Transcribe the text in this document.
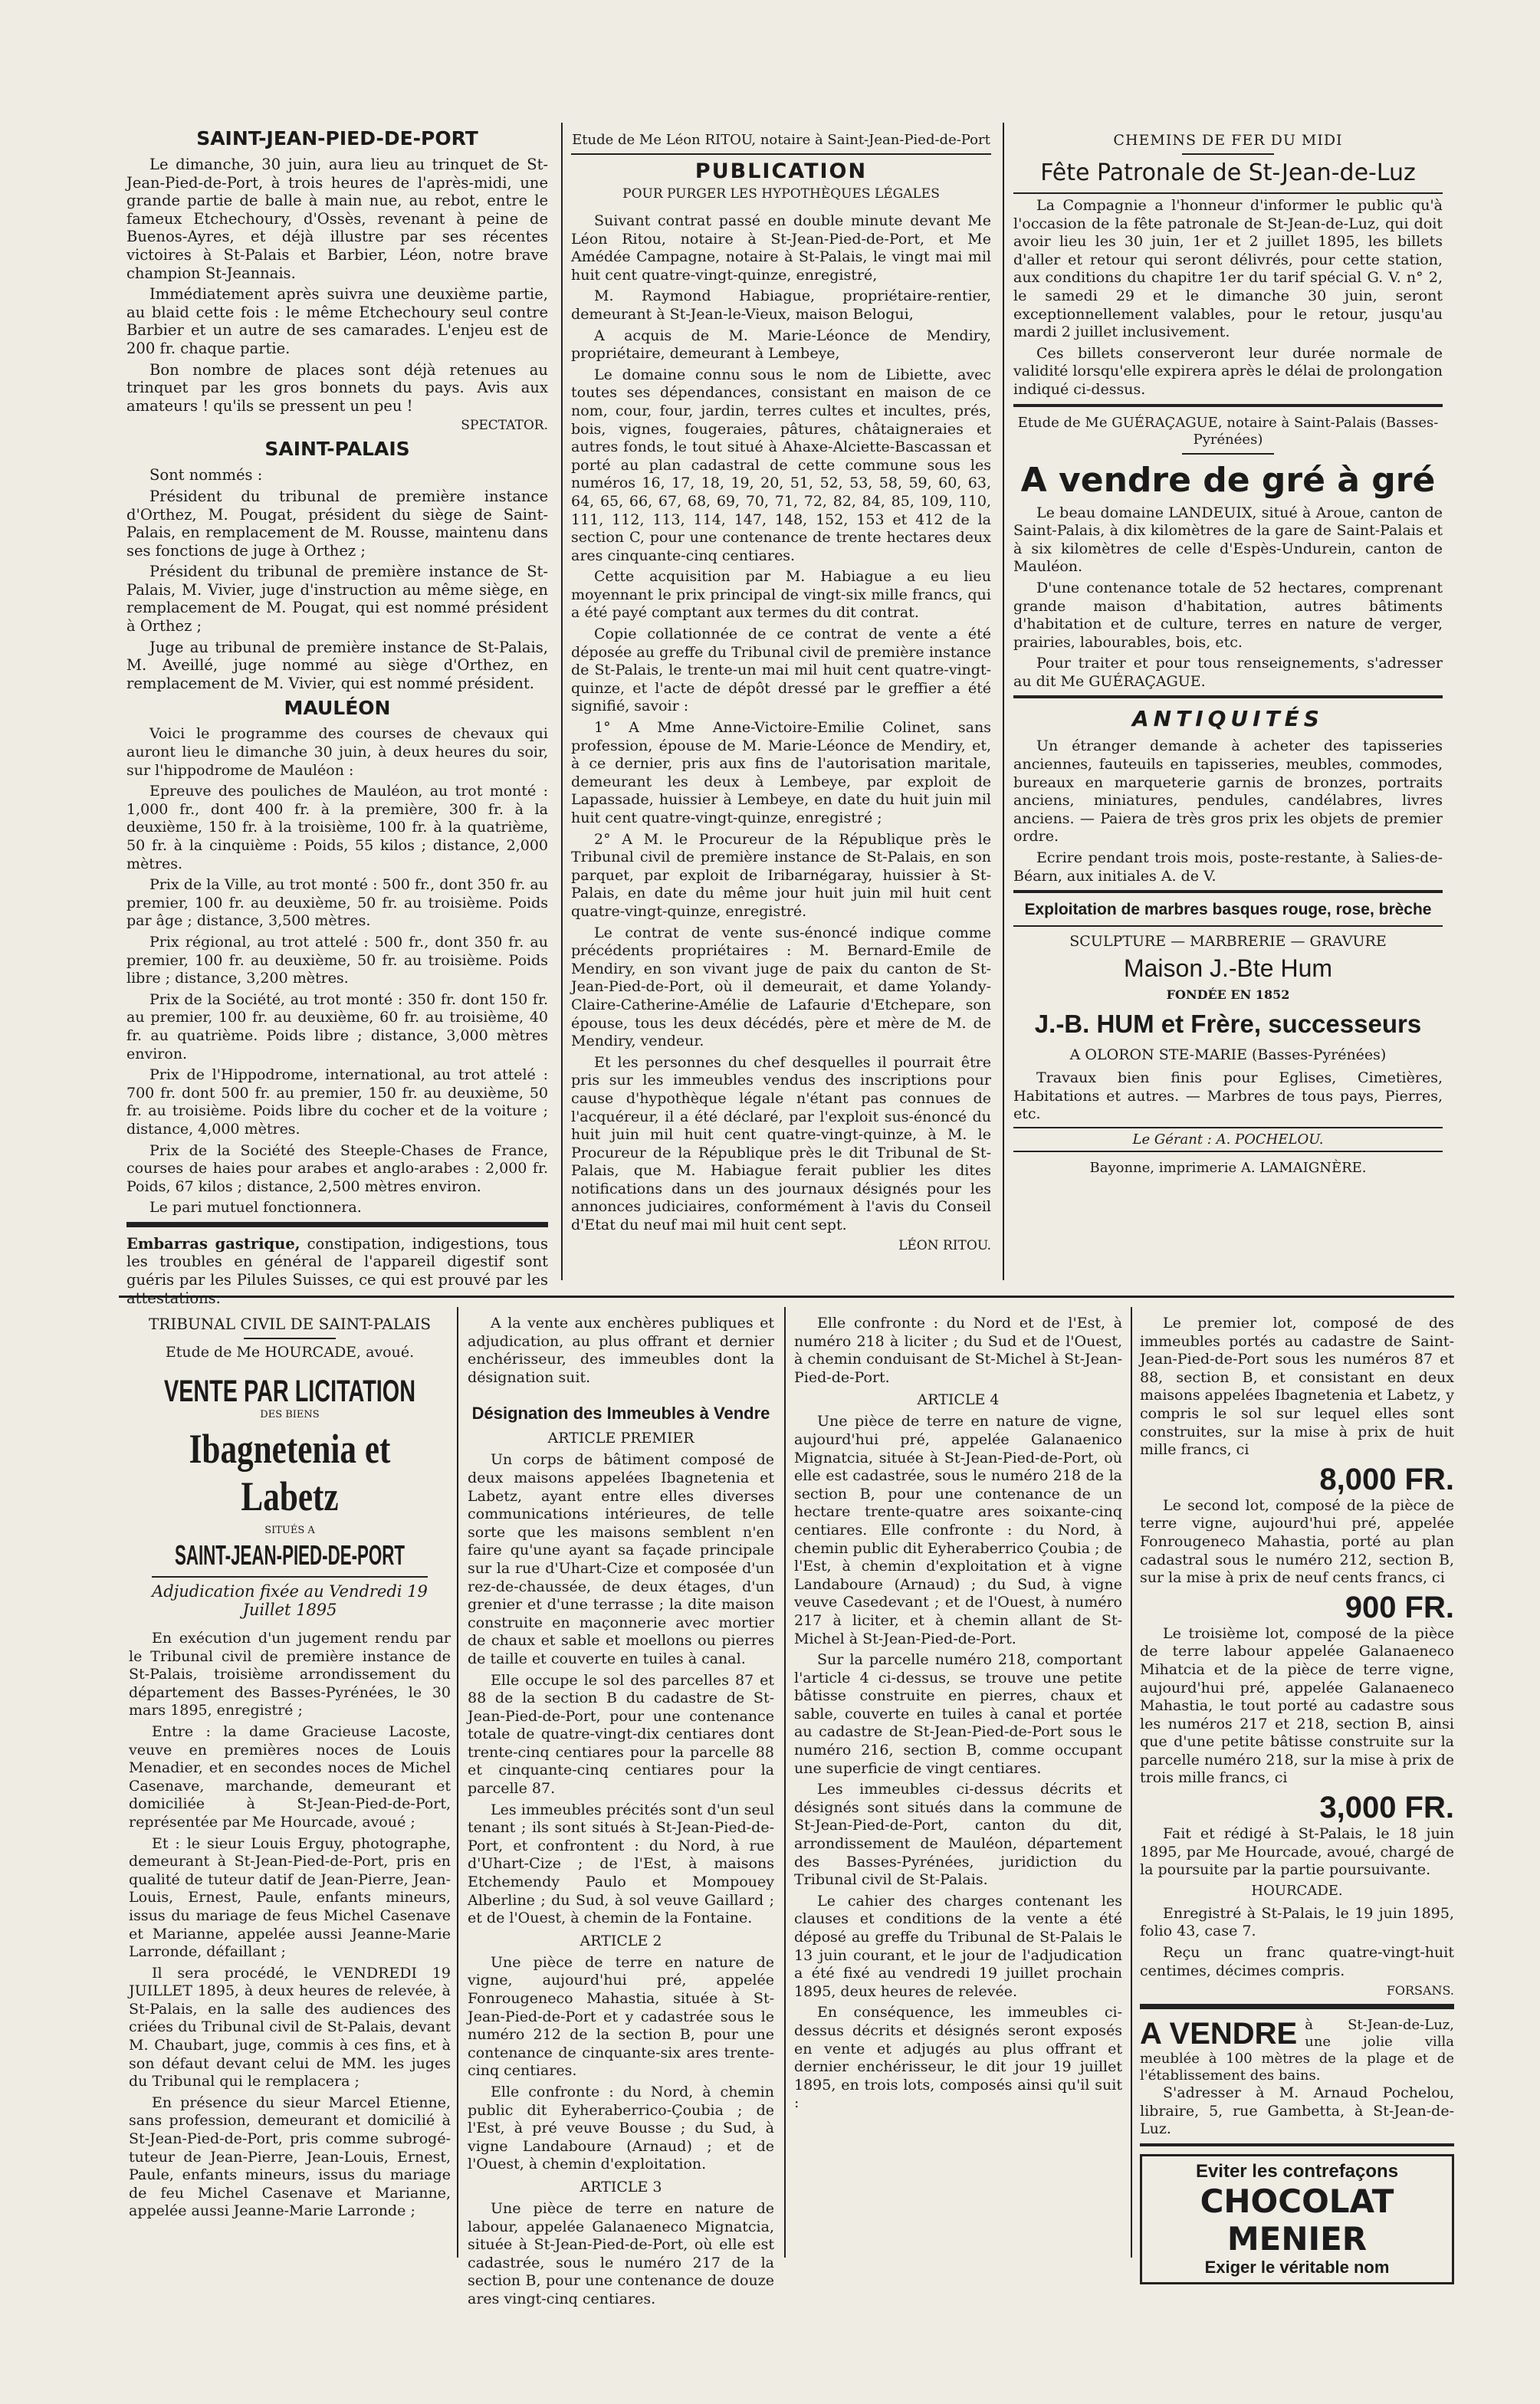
SAINT-JEAN-PIED-DE-PORT

Le dimanche, 30 juin, aura lieu au trinquet de St-Jean-Pied-de-Port, à trois heures de l'après-midi, une grande partie de balle à main nue, au rebot, entre le fameux Etchechoury, d'Ossès, revenant à peine de Buenos-Ayres, et déjà illustre par ses récentes victoires à St-Palais et Barbier, Léon, notre brave champion St-Jeannais.

Immédiatement après suivra une deuxième partie, au blaid cette fois : le même Etchechoury seul contre Barbier et un autre de ses camarades. L'enjeu est de 200 fr. chaque partie.

Bon nombre de places sont déjà retenues au trinquet par les gros bonnets du pays. Avis aux amateurs ! qu'ils se pressent un peu !

SPECTATOR.
SAINT-PALAIS

Sont nommés :

Président du tribunal de première instance d'Orthez, M. Pougat, président du siège de Saint-Palais, en remplacement de M. Rousse, maintenu dans ses fonctions de juge à Orthez ;

Président du tribunal de première instance de St-Palais, M. Vivier, juge d'instruction au même siège, en remplacement de M. Pougat, qui est nommé président à Orthez ;

Juge au tribunal de première instance de St-Palais, M. Aveillé, juge nommé au siège d'Orthez, en remplacement de M. Vivier, qui est nommé président.

MAULÉON

Voici le programme des courses de chevaux qui auront lieu le dimanche 30 juin, à deux heures du soir, sur l'hippodrome de Mauléon :

Epreuve des pouliches de Mauléon, au trot monté : 1,000 fr., dont 400 fr. à la première, 300 fr. à la deuxième, 150 fr. à la troisième, 100 fr. à la quatrième, 50 fr. à la cinquième : Poids, 55 kilos ; distance, 2,000 mètres.

Prix de la Ville, au trot monté : 500 fr., dont 350 fr. au premier, 100 fr. au deuxième, 50 fr. au troisième. Poids par âge ; distance, 3,500 mètres.

Prix régional, au trot attelé : 500 fr., dont 350 fr. au premier, 100 fr. au deuxième, 50 fr. au troisième. Poids libre ; distance, 3,200 mètres.

Prix de la Société, au trot monté : 350 fr. dont 150 fr. au premier, 100 fr. au deuxième, 60 fr. au troisième, 40 fr. au quatrième. Poids libre ; distance, 3,000 mètres environ.

Prix de l'Hippodrome, international, au trot attelé : 700 fr. dont 500 fr. au premier, 150 fr. au deuxième, 50 fr. au troisième. Poids libre du cocher et de la voiture ; distance, 4,000 mètres.

Prix de la Société des Steeple-Chases de France, courses de haies pour arabes et anglo-arabes : 2,000 fr. Poids, 67 kilos ; distance, 2,500 mètres environ.

Le pari mutuel fonctionnera.

Embarras gastrique, constipation, indigestions, tous les troubles en général de l'appareil digestif sont guéris par les Pilules Suisses, ce qui est prouvé par les attestations.

Etude de Me Léon RITOU, notaire à Saint-Jean-Pied-de-Port
PUBLICATION
POUR PURGER LES HYPOTHÈQUES LÉGALES

Suivant contrat passé en double minute devant Me Léon Ritou, notaire à St-Jean-Pied-de-Port, et Me Amédée Campagne, notaire à St-Palais, le vingt mai mil huit cent quatre-vingt-quinze, enregistré,

M. Raymond Habiague, propriétaire-rentier, demeurant à St-Jean-le-Vieux, maison Belogui,

A acquis de M. Marie-Léonce de Mendiry, propriétaire, demeurant à Lembeye,

Le domaine connu sous le nom de Libiette, avec toutes ses dépendances, consistant en maison de ce nom, cour, four, jardin, terres cultes et incultes, prés, bois, vignes, fougeraies, pâtures, châtaigneraies et autres fonds, le tout situé à Ahaxe-Alciette-Bascassan et porté au plan cadastral de cette commune sous les numéros 16, 17, 18, 19, 20, 51, 52, 53, 58, 59, 60, 63, 64, 65, 66, 67, 68, 69, 70, 71, 72, 82, 84, 85, 109, 110, 111, 112, 113, 114, 147, 148, 152, 153 et 412 de la section C, pour une contenance de trente hectares deux ares cinquante-cinq centiares.

Cette acquisition par M. Habiague a eu lieu moyennant le prix principal de vingt-six mille francs, qui a été payé comptant aux termes du dit contrat.

Copie collationnée de ce contrat de vente a été déposée au greffe du Tribunal civil de première instance de St-Palais, le trente-un mai mil huit cent quatre-vingt-quinze, et l'acte de dépôt dressé par le greffier a été signifié, savoir :

1° A Mme Anne-Victoire-Emilie Colinet, sans profession, épouse de M. Marie-Léonce de Mendiry, et, à ce dernier, pris aux fins de l'autorisation maritale, demeurant les deux à Lembeye, par exploit de Lapassade, huissier à Lembeye, en date du huit juin mil huit cent quatre-vingt-quinze, enregistré ;

2° A M. le Procureur de la République près le Tribunal civil de première instance de St-Palais, en son parquet, par exploit de Iribarnégaray, huissier à St-Palais, en date du même jour huit juin mil huit cent quatre-vingt-quinze, enregistré.

Le contrat de vente sus-énoncé indique comme précédents propriétaires : M. Bernard-Emile de Mendiry, en son vivant juge de paix du canton de St-Jean-Pied-de-Port, où il demeurait, et dame Yolandy-Claire-Catherine-Amélie de Lafaurie d'Etchepare, son épouse, tous les deux décédés, père et mère de M. de Mendiry, vendeur.

Et les personnes du chef desquelles il pourrait être pris sur les immeubles vendus des inscriptions pour cause d'hypothèque légale n'étant pas connues de l'acquéreur, il a été déclaré, par l'exploit sus-énoncé du huit juin mil huit cent quatre-vingt-quinze, à M. le Procureur de la République près le dit Tribunal de St-Palais, que M. Habiague ferait publier les dites notifications dans un des journaux désignés pour les annonces judiciaires, conformément à l'avis du Conseil d'Etat du neuf mai mil huit cent sept.

LÉON RITOU.
CHEMINS DE FER DU MIDI
Fête Patronale de St-Jean-de-Luz

La Compagnie a l'honneur d'informer le public qu'à l'occasion de la fête patronale de St-Jean-de-Luz, qui doit avoir lieu les 30 juin, 1er et 2 juillet 1895, les billets d'aller et retour qui seront délivrés, pour cette station, aux conditions du chapitre 1er du tarif spécial G. V. n° 2, le samedi 29 et le dimanche 30 juin, seront exceptionnellement valables, pour le retour, jusqu'au mardi 2 juillet inclusivement.

Ces billets conserveront leur durée normale de validité lorsqu'elle expirera après le délai de prolongation indiqué ci-dessus.

Etude de Me GUÉRAÇAGUE, notaire à Saint-Palais (Basses-Pyrénées)
A vendre de gré à gré

Le beau domaine LANDEUIX, situé à Aroue, canton de Saint-Palais, à dix kilomètres de la gare de Saint-Palais et à six kilomètres de celle d'Espès-Undurein, canton de Mauléon.

D'une contenance totale de 52 hectares, comprenant grande maison d'habitation, autres bâtiments d'habitation et de culture, terres en nature de verger, prairies, labourables, bois, etc.

Pour traiter et pour tous renseignements, s'adresser au dit Me GUÉRAÇAGUE.

ANTIQUITÉS

Un étranger demande à acheter des tapisseries anciennes, fauteuils en tapisseries, meubles, commodes, bureaux en marqueterie garnis de bronzes, portraits anciens, miniatures, pendules, candélabres, livres anciens. — Paiera de très gros prix les objets de premier ordre.

Ecrire pendant trois mois, poste-restante, à Salies-de-Béarn, aux initiales A. de V.

Exploitation de marbres basques rouge, rose, brèche
SCULPTURE — MARBRERIE — GRAVURE
Maison J.-Bte Hum
FONDÉE EN 1852
J.-B. HUM et Frère, successeurs
A OLORON STE-MARIE (Basses-Pyrénées)

Travaux bien finis pour Eglises, Cimetières, Habitations et autres. — Marbres de tous pays, Pierres, etc.

Le Gérant : A. POCHELOU.
Bayonne, imprimerie A. LAMAIGNÈRE.
TRIBUNAL CIVIL DE SAINT-PALAIS
Etude de Me HOURCADE, avoué.
VENTE PAR LICITATION
DES BIENS
Ibagnetenia et Labetz
SITUÉS A
SAINT-JEAN-PIED-DE-PORT
Adjudication fixée au Vendredi 19 Juillet 1895

En exécution d'un jugement rendu par le Tribunal civil de première instance de St-Palais, troisième arrondissement du département des Basses-Pyrénées, le 30 mars 1895, enregistré ;

Entre : la dame Gracieuse Lacoste, veuve en premières noces de Louis Menadier, et en secondes noces de Michel Casenave, marchande, demeurant et domiciliée à St-Jean-Pied-de-Port, représentée par Me Hourcade, avoué ;

Et : le sieur Louis Erguy, photographe, demeurant à St-Jean-Pied-de-Port, pris en qualité de tuteur datif de Jean-Pierre, Jean-Louis, Ernest, Paule, enfants mineurs, issus du mariage de feus Michel Casenave et Marianne, appelée aussi Jeanne-Marie Larronde, défaillant ;

Il sera procédé, le VENDREDI 19 JUILLET 1895, à deux heures de relevée, à St-Palais, en la salle des audiences des criées du Tribunal civil de St-Palais, devant M. Chaubart, juge, commis à ces fins, et à son défaut devant celui de MM. les juges du Tribunal qui le remplacera ;

En présence du sieur Marcel Etienne, sans profession, demeurant et domicilié à St-Jean-Pied-de-Port, pris comme subrogé-tuteur de Jean-Pierre, Jean-Louis, Ernest, Paule, enfants mineurs, issus du mariage de feu Michel Casenave et Marianne, appelée aussi Jeanne-Marie Larronde ;

A la vente aux enchères publiques et adjudication, au plus offrant et dernier enchérisseur, des immeubles dont la désignation suit.

Désignation des Immeubles à Vendre
ARTICLE PREMIER

Un corps de bâtiment composé de deux maisons appelées Ibagnetenia et Labetz, ayant entre elles diverses communications intérieures, de telle sorte que les maisons semblent n'en faire qu'une ayant sa façade principale sur la rue d'Uhart-Cize et composée d'un rez-de-chaussée, de deux étages, d'un grenier et d'une terrasse ; la dite maison construite en maçonnerie avec mortier de chaux et sable et moellons ou pierres de taille et couverte en tuiles à canal.

Elle occupe le sol des parcelles 87 et 88 de la section B du cadastre de St-Jean-Pied-de-Port, pour une contenance totale de quatre-vingt-dix centiares dont trente-cinq centiares pour la parcelle 88 et cinquante-cinq centiares pour la parcelle 87.

Les immeubles précités sont d'un seul tenant ; ils sont situés à St-Jean-Pied-de-Port, et confrontent : du Nord, à rue d'Uhart-Cize ; de l'Est, à maisons Etchemendy Paulo et Mompouey Alberline ; du Sud, à sol veuve Gaillard ; et de l'Ouest, à chemin de la Fontaine.

ARTICLE 2

Une pièce de terre en nature de vigne, aujourd'hui pré, appelée Fonrougeneco Mahastia, située à St-Jean-Pied-de-Port et y cadastrée sous le numéro 212 de la section B, pour une contenance de cinquante-six ares trente-cinq centiares.

Elle confronte : du Nord, à chemin public dit Eyheraberrico-Çoubia ; de l'Est, à pré veuve Bousse ; du Sud, à vigne Landaboure (Arnaud) ; et de l'Ouest, à chemin d'exploitation.

ARTICLE 3

Une pièce de terre en nature de labour, appelée Galanaeneco Mignatcia, située à St-Jean-Pied-de-Port, où elle est cadastrée, sous le numéro 217 de la section B, pour une contenance de douze ares vingt-cinq centiares.

Elle confronte : du Nord et de l'Est, à numéro 218 à liciter ; du Sud et de l'Ouest, à chemin conduisant de St-Michel à St-Jean-Pied-de-Port.

ARTICLE 4

Une pièce de terre en nature de vigne, aujourd'hui pré, appelée Galanaenico Mignatcia, située à St-Jean-Pied-de-Port, où elle est cadastrée, sous le numéro 218 de la section B, pour une contenance de un hectare trente-quatre ares soixante-cinq centiares. Elle confronte : du Nord, à chemin public dit Eyheraberrico Çoubia ; de l'Est, à chemin d'exploitation et à vigne Landaboure (Arnaud) ; du Sud, à vigne veuve Casedevant ; et de l'Ouest, à numéro 217 à liciter, et à chemin allant de St-Michel à St-Jean-Pied-de-Port.

Sur la parcelle numéro 218, comportant l'article 4 ci-dessus, se trouve une petite bâtisse construite en pierres, chaux et sable, couverte en tuiles à canal et portée au cadastre de St-Jean-Pied-de-Port sous le numéro 216, section B, comme occupant une superficie de vingt centiares.

Les immeubles ci-dessus décrits et désignés sont situés dans la commune de St-Jean-Pied-de-Port, canton du dit, arrondissement de Mauléon, département des Basses-Pyrénées, juridiction du Tribunal civil de St-Palais.

Le cahier des charges contenant les clauses et conditions de la vente a été déposé au greffe du Tribunal de St-Palais le 13 juin courant, et le jour de l'adjudication a été fixé au vendredi 19 juillet prochain 1895, deux heures de relevée.

En conséquence, les immeubles ci-dessus décrits et désignés seront exposés en vente et adjugés au plus offrant et dernier enchérisseur, le dit jour 19 juillet 1895, en trois lots, composés ainsi qu'il suit :

Le premier lot, composé de des immeubles portés au cadastre de Saint-Jean-Pied-de-Port sous les numéros 87 et 88, section B, et consistant en deux maisons appelées Ibagnetenia et Labetz, y compris le sol sur lequel elles sont construites, sur la mise à prix de huit mille francs, ci

8,000 FR.

Le second lot, composé de la pièce de terre vigne, aujourd'hui pré, appelée Fonrougeneco Mahastia, porté au plan cadastral sous le numéro 212, section B, sur la mise à prix de neuf cents francs, ci

900 FR.

Le troisième lot, composé de la pièce de terre labour appelée Galanaeneco Mihatcia et de la pièce de terre vigne, aujourd'hui pré, appelée Galanaeneco Mahastia, le tout porté au cadastre sous les numéros 217 et 218, section B, ainsi que d'une petite bâtisse construite sur la parcelle numéro 218, sur la mise à prix de trois mille francs, ci

3,000 FR.

Fait et rédigé à St-Palais, le 18 juin 1895, par Me Hourcade, avoué, chargé de la poursuite par la partie poursuivante.

HOURCADE.

Enregistré à St-Palais, le 19 juin 1895, folio 43, case 7.

Reçu un franc quatre-vingt-huit centimes, décimes compris.

FORSANS.
A VENDRE à St-Jean-de-Luz, une jolie villa meublée à 100 mètres de la plage et de l'établissement des bains.

S'adresser à M. Arnaud Pochelou, libraire, 5, rue Gambetta, à St-Jean-de-Luz.

Eviter les contrefaçons
CHOCOLAT
MENIER
Exiger le véritable nom
